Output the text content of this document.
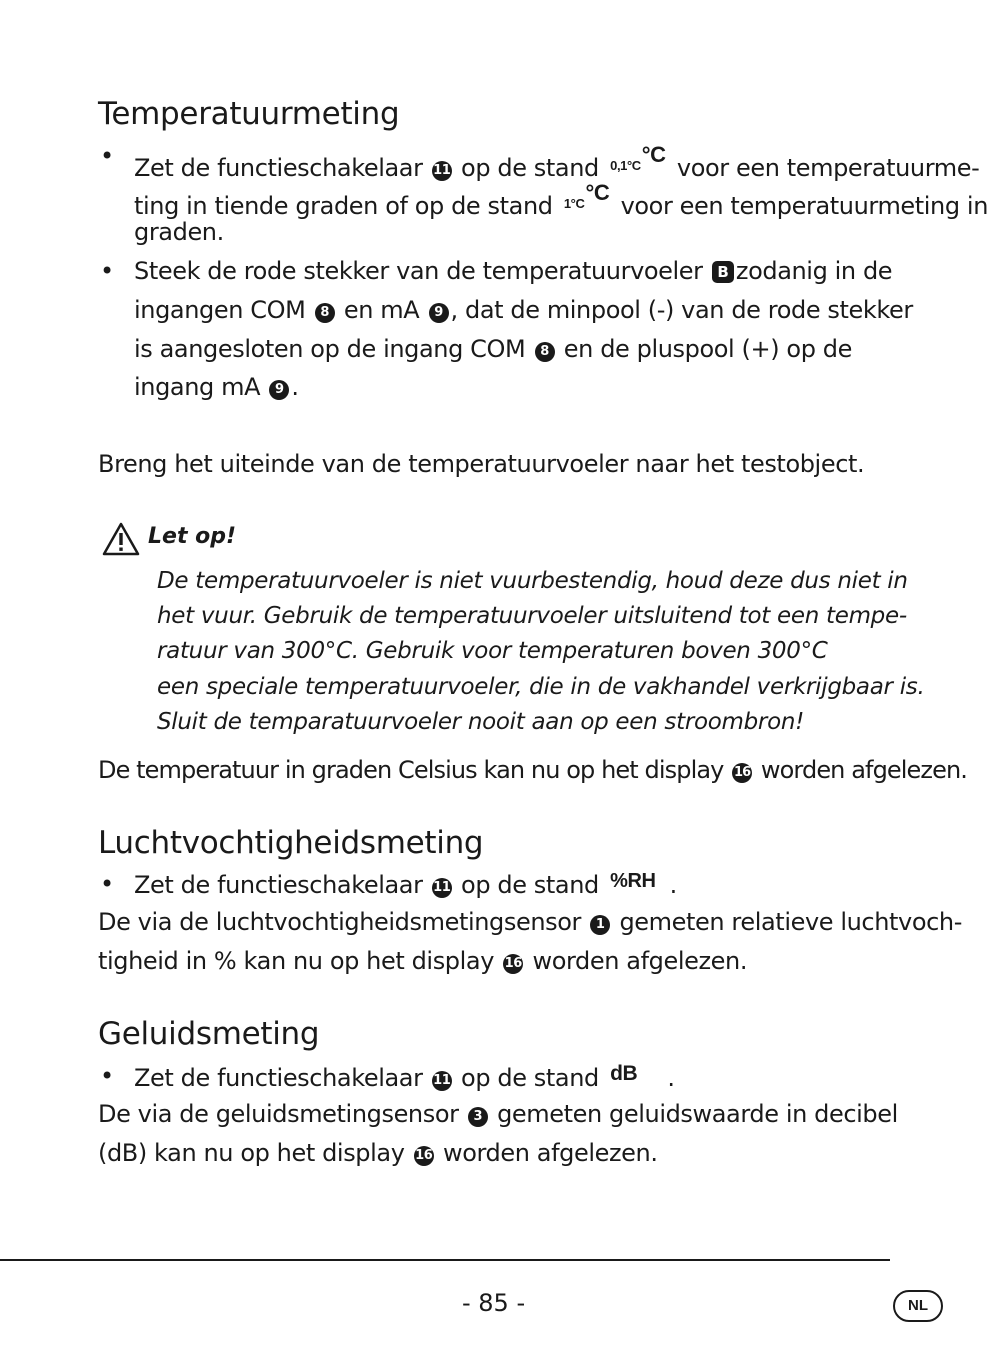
Temperatuurmeting
• Zet de functieschakelaar 11 op de stand 0,1°C°C voor een temperatuurme-
ting in tiende graden of op de stand 1°C°C voor een temperatuurmeting in
graden.
• Steek de rode stekker van de temperatuurvoeler B zodanig in de
ingangen COM 8 en mA 9 , dat de minpool (-) van de rode stekker
is aangesloten op de ingang COM 8 en de pluspool (+) op de
ingang mA 9 .
Breng het uiteinde van de temperatuurvoeler naar het testobject.
Let op!
De temperatuurvoeler is niet vuurbestendig, houd deze dus niet in
het vuur. Gebruik de temperatuurvoeler uitsluitend tot een tempe-
ratuur van 300°C. Gebruik voor temperaturen boven 300°C
een speciale temperatuurvoeler, die in de vakhandel verkrijgbaar is.
Sluit de temparatuurvoeler nooit aan op een stroombron!
De temperatuur in graden Celsius kan nu op het display 16 worden afgelezen.
Luchtvochtigheidsmeting
• Zet de functieschakelaar 11 op de stand %RH .
De via de luchtvochtigheidsmetingsensor 1 gemeten relatieve luchtvoch-
tigheid in % kan nu op het display 16 worden afgelezen.
Geluidsmeting
• Zet de functieschakelaar 11 op de stand dB .
De via de geluidsmetingsensor 3 gemeten geluidswaarde in decibel
(dB) kan nu op het display 16 worden afgelezen.
- 85 -	NL
